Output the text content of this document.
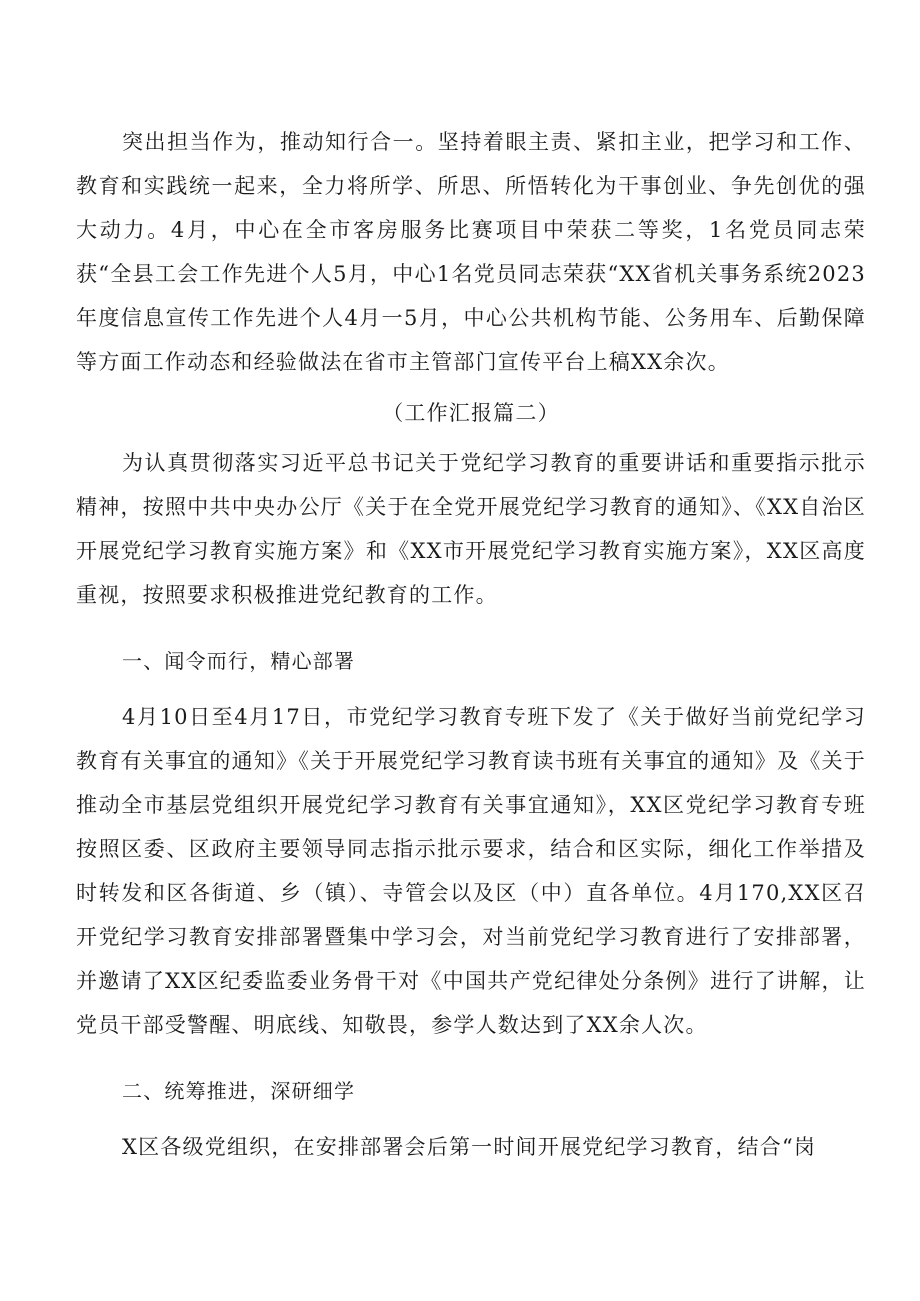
突出担当作为，推动知行合一。坚持着眼主责、紧扣主业，把学习和工作、教育和实践统一起来，全力将所学、所思、所悟转化为干事创业、争先创优的强大动力。4月，中心在全市客房服务比赛项目中荣获二等奖，1名党员同志荣获“全县工会工作先进个人5月，中心1名党员同志荣获“XX省机关事务系统2023年度信息宣传工作先进个人4月一5月，中心公共机构节能、公务用车、后勤保障等方面工作动态和经验做法在省市主管部门宣传平台上稿XX余次。

（工作汇报篇二）

为认真贯彻落实习近平总书记关于党纪学习教育的重要讲话和重要指示批示精神，按照中共中央办公厅《关于在全党开展党纪学习教育的通知》、《XX自治区开展党纪学习教育实施方案》和《XX市开展党纪学习教育实施方案》，XX区高度重视，按照要求积极推进党纪教育的工作。

一、闻令而行，精心部署

4月10日至4月17日，市党纪学习教育专班下发了《关于做好当前党纪学习教育有关事宜的通知》《关于开展党纪学习教育读书班有关事宜的通知》及《关于推动全市基层党组织开展党纪学习教育有关事宜通知》，XX区党纪学习教育专班按照区委、区政府主要领导同志指示批示要求，结合和区实际，细化工作举措及时转发和区各街道、乡（镇）、寺管会以及区（中）直各单位。4月170,XX区召开党纪学习教育安排部署暨集中学习会，对当前党纪学习教育进行了安排部署，并邀请了XX区纪委监委业务骨干对《中国共产党纪律处分条例》进行了讲解，让党员干部受警醒、明底线、知敬畏，参学人数达到了XX余人次。

二、统筹推进，深研细学

X区各级党组织，在安排部署会后第一时间开展党纪学习教育，结合“岗
